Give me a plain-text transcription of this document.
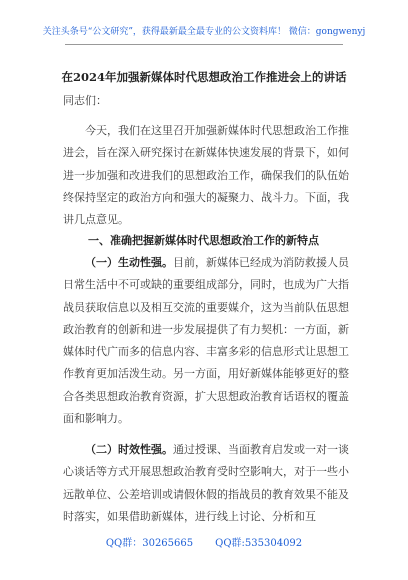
关注头条号“公文研究”，获得最新最全最专业的公文资料库！ 微信：gongwenyj
在2024年加强新媒体时代思想政治工作推进会上的讲话
同志们：
今天，我们在这里召开加强新媒体时代思想政治工作推进会，旨在深入研究探讨在新媒体快速发展的背景下，如何进一步加强和改进我们的思想政治工作，确保我们的队伍始终保持坚定的政治方向和强大的凝聚力、战斗力。下面，我讲几点意见。
一、准确把握新媒体时代思想政治工作的新特点
（一）生动性强。目前，新媒体已经成为消防救援人员日常生活中不可或缺的重要组成部分，同时，也成为广大指战员获取信息以及相互交流的重要媒介，这为当前队伍思想政治教育的创新和进一步发展提供了有力契机：一方面，新媒体时代广而多的信息内容、丰富多彩的信息形式让思想工作教育更加活泼生动。另一方面，用好新媒体能够更好的整合各类思想政治教育资源，扩大思想政治教育话语权的覆盖面和影响力。
（二）时效性强。通过授课、当面教育启发或一对一谈心谈话等方式开展思想政治教育受时空影响大，对于一些小远散单位、公差培训或请假休假的指战员的教育效果不能及时落实，如果借助新媒体，进行线上讨论、分析和互
QQ群：30265665 QQ群:535304092
